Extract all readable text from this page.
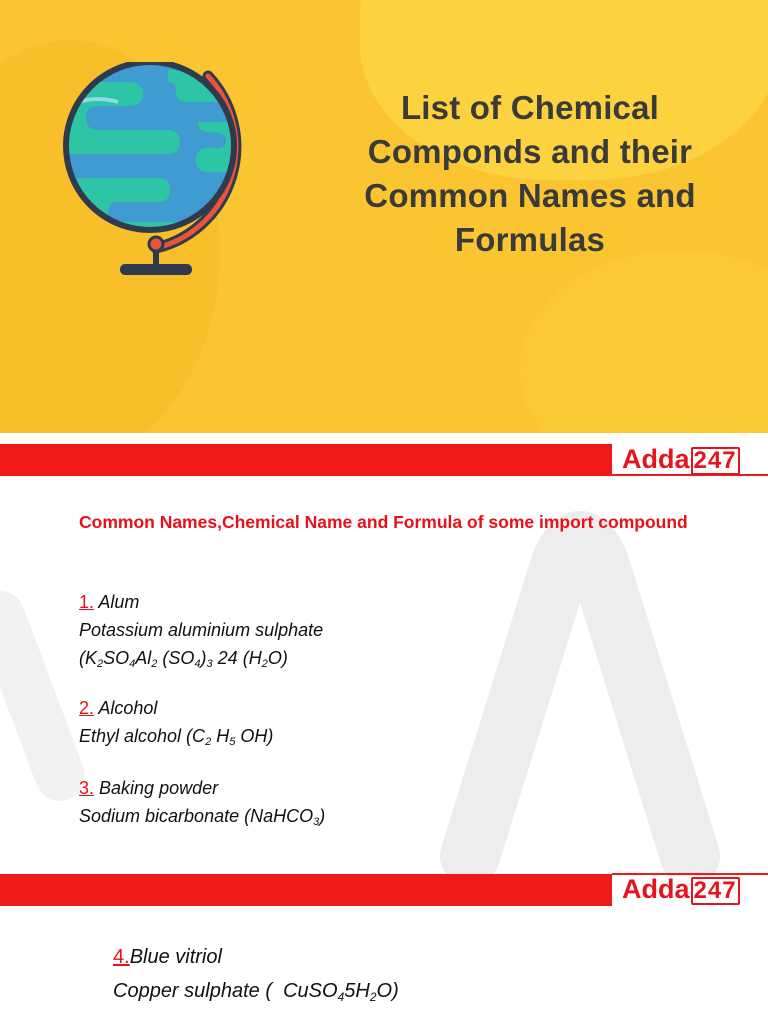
List of Chemical
Componds and their
Common Names and
Formulas
Adda 247
Common Names,Chemical Name and Formula of some import compound
1. Alum
Potassium aluminium sulphate
($K_2SO_4Al_2$ $(SO_4)_3$ 24 $(H_2O)$
2. Alcohol
Ethyl alcohol ($C_2$ $H_5$ OH)
3. Baking powder
Sodium bicarbonate (NaHCO$_3$)
Adda 247
4.Blue vitriol
Copper sulphate (  $CuSO_45H_2O$)
